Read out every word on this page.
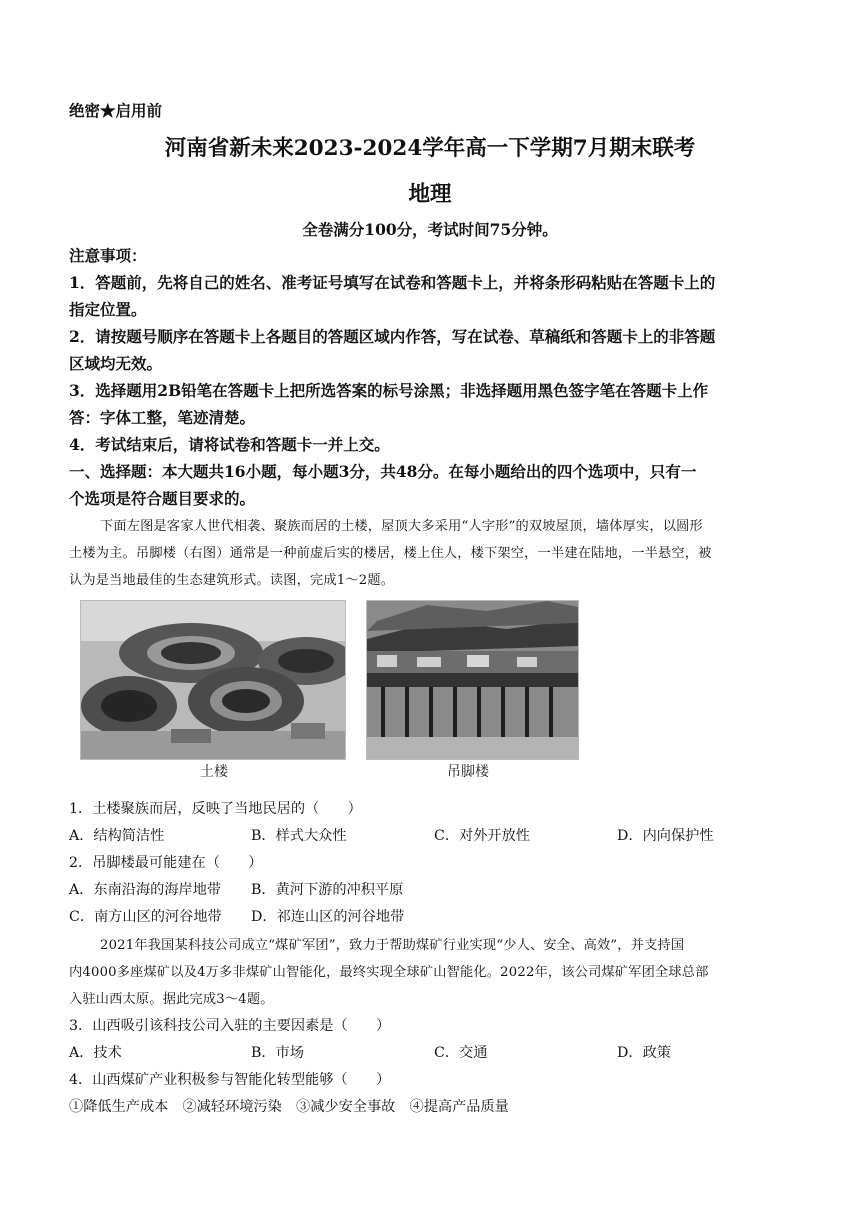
绝密★启用前
河南省新未来2023-2024学年高一下学期7月期末联考
地理
全卷满分100分，考试时间75分钟。
注意事项：
1．答题前，先将自己的姓名、准考证号填写在试卷和答题卡上，并将条形码粘贴在答题卡上的
指定位置。
2．请按题号顺序在答题卡上各题目的答题区域内作答，写在试卷、草稿纸和答题卡上的非答题
区域均无效。
3．选择题用2B铅笔在答题卡上把所选答案的标号涂黑；非选择题用黑色签字笔在答题卡上作
答：字体工整，笔迹清楚。
4．考试结束后，请将试卷和答题卡一并上交。
一、选择题：本大题共16小题，每小题3分，共48分。在每小题给出的四个选项中，只有一
个选项是符合题目要求的。
下面左图是客家人世代相袭、聚族而居的土楼，屋顶大多采用“人字形”的双坡屋顶，墙体厚实，以圆形
土楼为主。吊脚楼（右图）通常是一种前虚后实的楼居，楼上住人，楼下架空，一半建在陆地，一半悬空，被
认为是当地最佳的生态建筑形式。读图，完成1～2题。
土楼	吊脚楼
1．土楼聚族而居，反映了当地民居的（　　）
A．结构简洁性	B．样式大众性	C．对外开放性	D．内向保护性
2．吊脚楼最可能建在（　　）
A．东南沿海的海岸地带 B．黄河下游的冲积平原
C．南方山区的河谷地带 D．祁连山区的河谷地带
2021年我国某科技公司成立“煤矿军团”，致力于帮助煤矿行业实现“少人、安全、高效”，并支持国
内4000多座煤矿以及4万多非煤矿山智能化，最终实现全球矿山智能化。2022年，该公司煤矿军团全球总部
入驻山西太原。据此完成3～4题。
3．山西吸引该科技公司入驻的主要因素是（　　）
A．技术	B．市场	C．交通	D．政策
4．山西煤矿产业积极参与智能化转型能够（　　）
①降低生产成本　②减轻环境污染　③减少安全事故　④提高产品质量
